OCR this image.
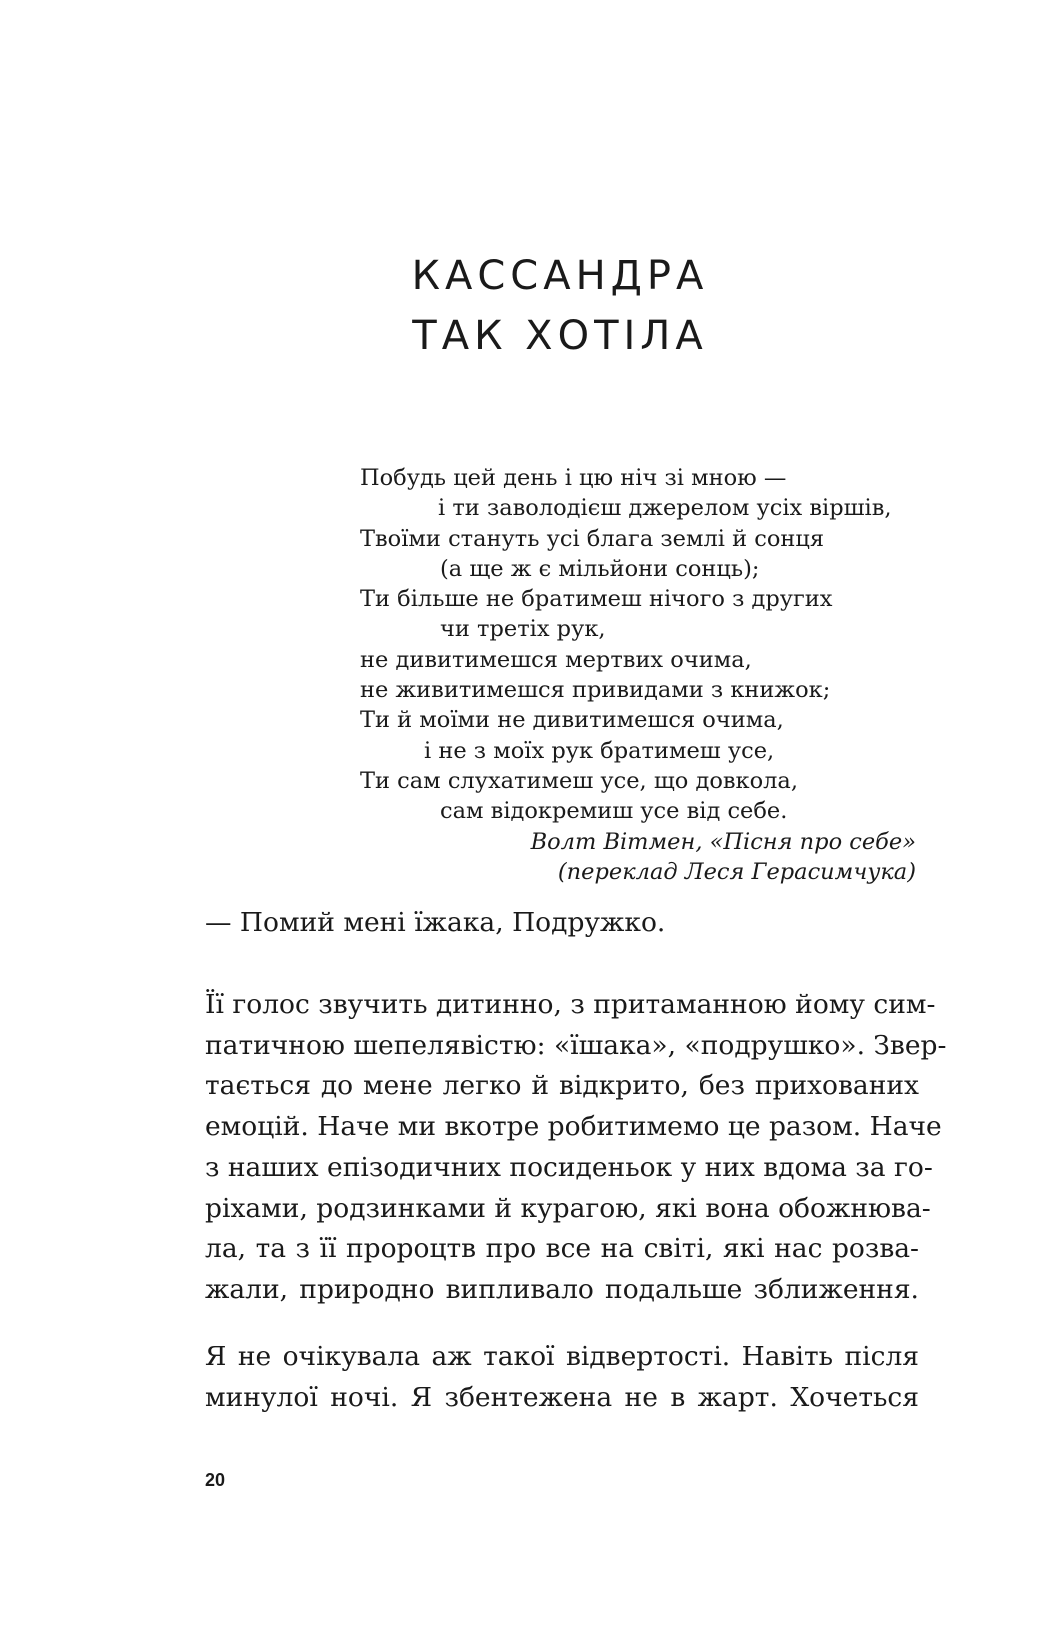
КАССАНДРА
ТАК ХОТІЛА
Побудь цей день і цю ніч зі мною —
і ти заволодієш джерелом усіх віршів,
Твоїми стануть усі блага землі й сонця
(а ще ж є мільйони сонць);
Ти більше не братимеш нічого з других
чи третіх рук,
не дивитимешся мертвих очима,
не живитимешся привидами з книжок;
Ти й моїми не дивитимешся очима,
і не з моїх рук братимеш усе,
Ти сам слухатимеш усе, що довкола,
сам відокремиш усе від себе.
Волт Вітмен, «Пісня про себе»
(переклад Леся Герасимчука)

— Помий мені їжака, Подружко.

Її голос звучить дитинно, з притаманною йому сим-
патичною шепелявістю: «їшака», «подрушко». Звер-
тається до мене легко й відкрито, без прихованих
емоцій. Наче ми вкотре робитимемо це разом. Наче
з наших епізодичних посиденьок у них вдома за го-
ріхами, родзинками й курагою, які вона обожнюва-
ла, та з її пророцтв про все на світі, які нас розва-
жали, природно випливало подальше зближення.

Я не очікувала аж такої відвертості. Навіть після
минулої ночі. Я збентежена не в жарт. Хочеться

20
